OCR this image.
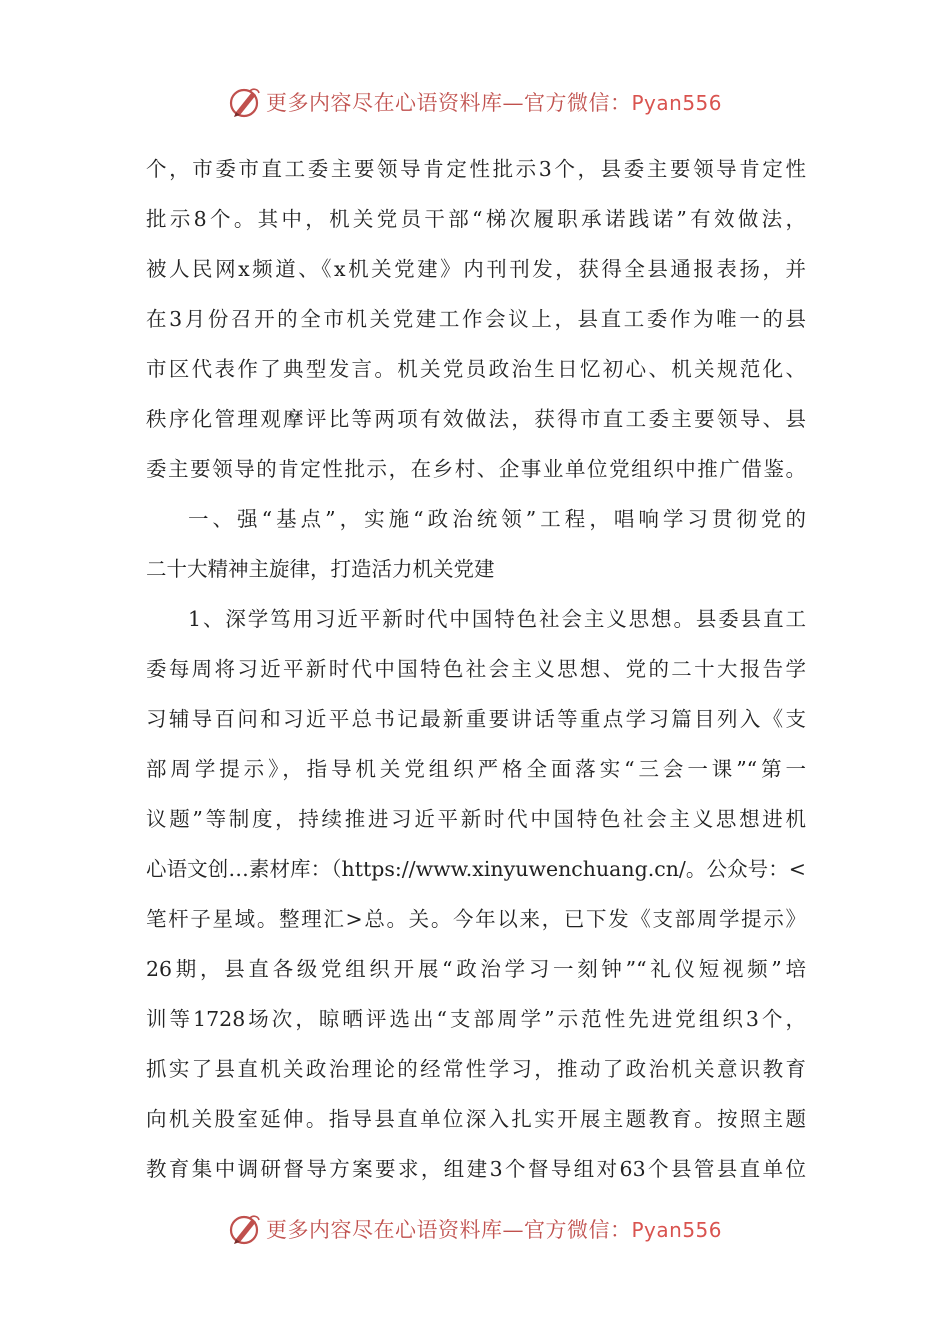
更多内容尽在心语资料库—官方微信：Pyan556
个，市委市直工委主要领导肯定性批示3个，县委主要领导肯定性
批示8个。其中，机关党员干部“梯次履职承诺践诺”有效做法，
被人民网x频道、《x机关党建》内刊刊发，获得全县通报表扬，并
在3月份召开的全市机关党建工作会议上，县直工委作为唯一的县
市区代表作了典型发言。机关党员政治生日忆初心、机关规范化、
秩序化管理观摩评比等两项有效做法，获得市直工委主要领导、县
委主要领导的肯定性批示，在乡村、企事业单位党组织中推广借鉴。
一、强“基点”，实施“政治统领”工程，唱响学习贯彻党的
二十大精神主旋律，打造活力机关党建
1、深学笃用习近平新时代中国特色社会主义思想。县委县直工
委每周将习近平新时代中国特色社会主义思想、党的二十大报告学
习辅导百问和习近平总书记最新重要讲话等重点学习篇目列入《支
部周学提示》，指导机关党组织严格全面落实“三会一课”“第一
议题”等制度，持续推进习近平新时代中国特色社会主义思想进机
心语文创…素材库：（https://www.xinyuwenchuang.cn/。公众号：<
笔杆子星域。整理汇>总。关。今年以来，已下发《支部周学提示》
26期，县直各级党组织开展“政治学习一刻钟”“礼仪短视频”培
训等1728场次，晾晒评选出“支部周学”示范性先进党组织3个，
抓实了县直机关政治理论的经常性学习，推动了政治机关意识教育
向机关股室延伸。指导县直单位深入扎实开展主题教育。按照主题
教育集中调研督导方案要求，组建3个督导组对63个县管县直单位
更多内容尽在心语资料库—官方微信：Pyan556
